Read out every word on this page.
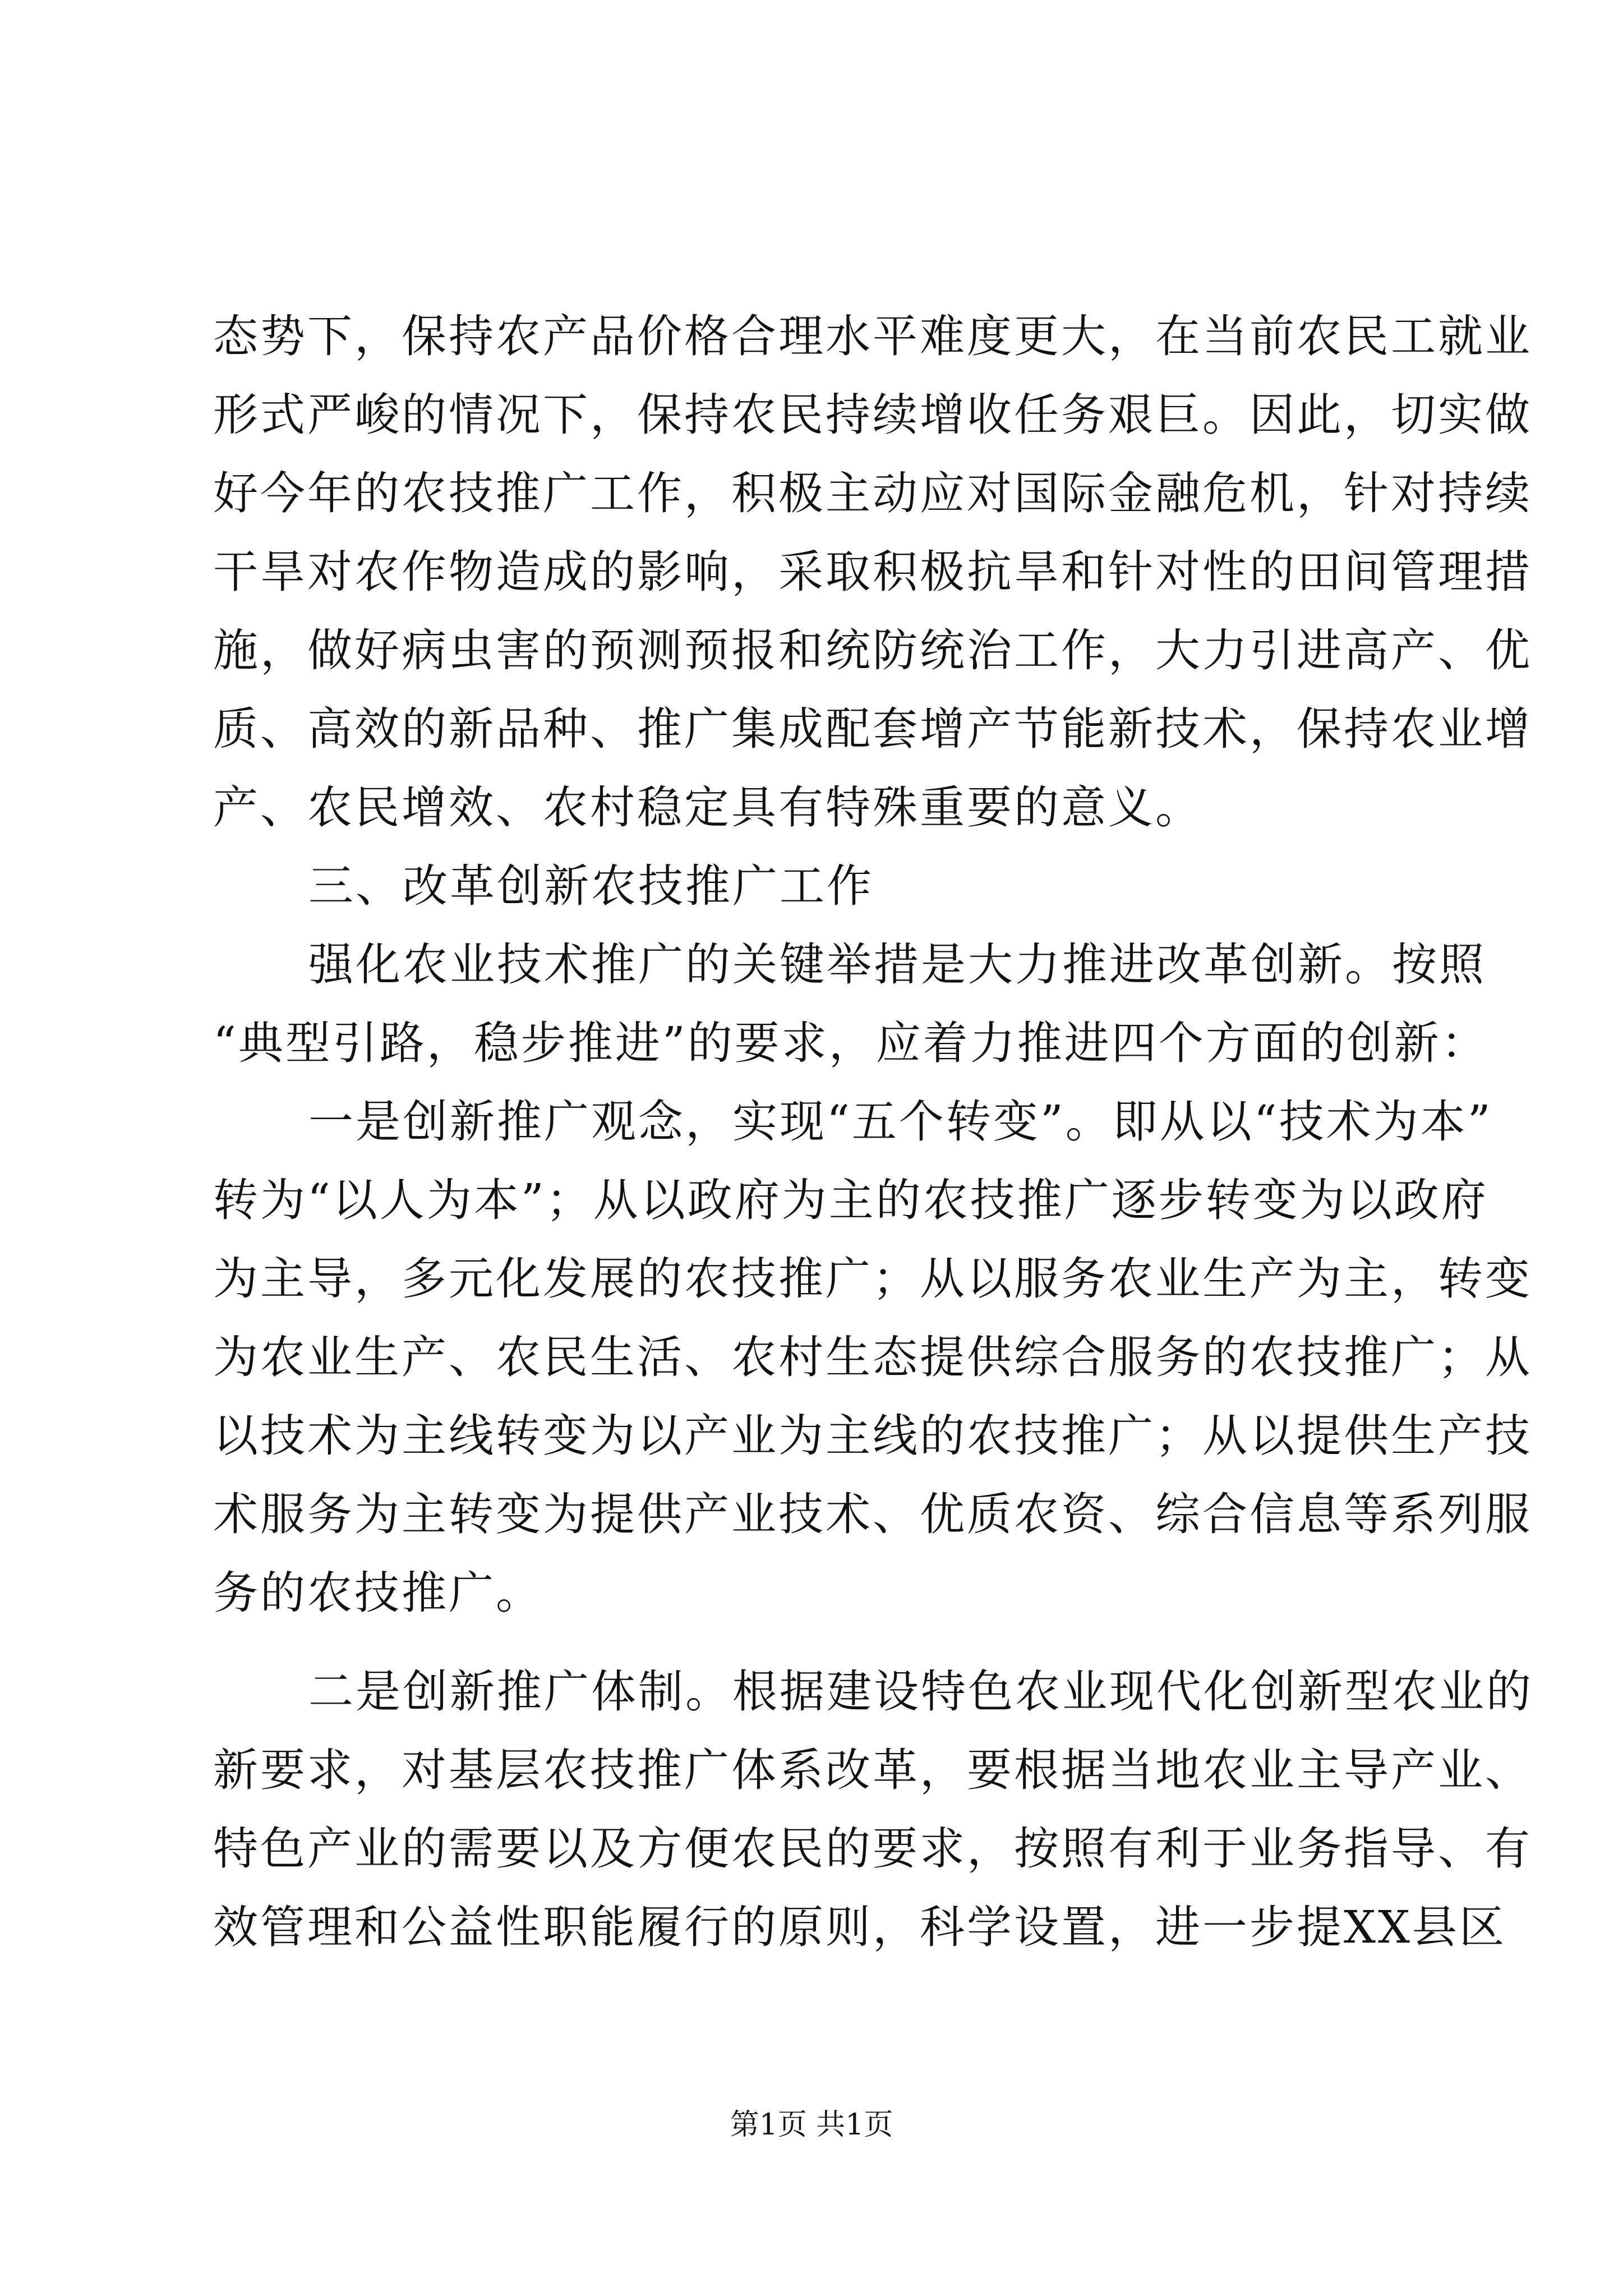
态势下，保持农产品价格合理水平难度更大，在当前农民工就业
形式严峻的情况下，保持农民持续增收任务艰巨。因此，切实做
好今年的农技推广工作，积极主动应对国际金融危机，针对持续
干旱对农作物造成的影响，采取积极抗旱和针对性的田间管理措
施，做好病虫害的预测预报和统防统治工作，大力引进高产、优
质、高效的新品种、推广集成配套增产节能新技术，保持农业增
产、农民增效、农村稳定具有特殊重要的意义。
三、改革创新农技推广工作
强化农业技术推广的关键举措是大力推进改革创新。按照
“典型引路，稳步推进”的要求，应着力推进四个方面的创新：
一是创新推广观念，实现“五个转变”。即从以“技术为本”
转为“以人为本”；从以政府为主的农技推广逐步转变为以政府
为主导，多元化发展的农技推广；从以服务农业生产为主，转变
为农业生产、农民生活、农村生态提供综合服务的农技推广；从
以技术为主线转变为以产业为主线的农技推广；从以提供生产技
术服务为主转变为提供产业技术、优质农资、综合信息等系列服
务的农技推广。
二是创新推广体制。根据建设特色农业现代化创新型农业的
新要求，对基层农技推广体系改革，要根据当地农业主导产业、
特色产业的需要以及方便农民的要求，按照有利于业务指导、有
效管理和公益性职能履行的原则，科学设置，进一步提XX县区
第1页 共1页
